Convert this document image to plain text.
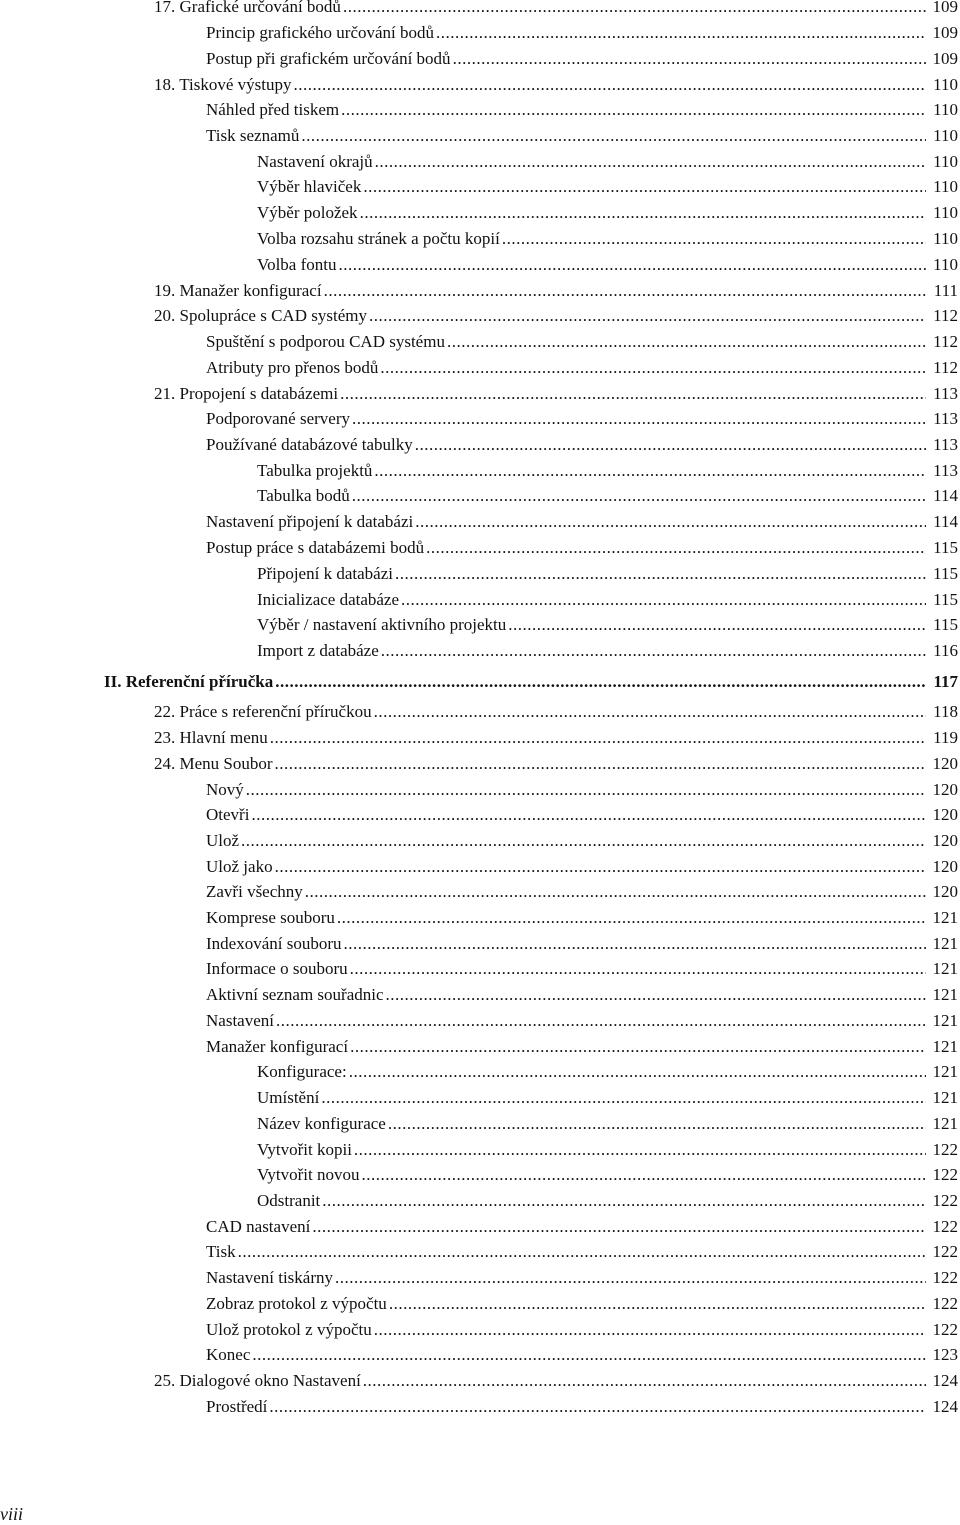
17. Grafické určování bodů .....	109
Princip grafického určování bodů .....	109
Postup při grafickém určování bodů .....	109
18. Tiskové výstupy .....	110
Náhled před tiskem .....	110
Tisk seznamů .....	110
Nastavení okrajů .....	110
Výběr hlaviček .....	110
Výběr položek .....	110
Volba rozsahu stránek a počtu kopií .....	110
Volba fontu .....	110
19. Manažer konfigurací .....	111
20. Spolupráce s CAD systémy .....	112
Spuštění s podporou CAD systému .....	112
Atributy pro přenos bodů .....	112
21. Propojení s databázemi .....	113
Podporované servery .....	113
Používané databázové tabulky .....	113
Tabulka projektů .....	113
Tabulka bodů .....	114
Nastavení připojení k databázi .....	114
Postup práce s databázemi bodů .....	115
Připojení k databázi .....	115
Inicializace databáze .....	115
Výběr / nastavení aktivního projektu .....	115
Import z databáze .....	116
II. Referenční příručka .....	117
22. Práce s referenční příručkou .....	118
23. Hlavní menu .....	119
24. Menu Soubor .....	120
Nový .....	120
Otevři .....	120
Ulož .....	120
Ulož jako .....	120
Zavři všechny .....	120
Komprese souboru .....	121
Indexování souboru .....	121
Informace o souboru .....	121
Aktivní seznam souřadnic .....	121
Nastavení .....	121
Manažer konfigurací .....	121
Konfigurace: .....	121
Umístění .....	121
Název konfigurace .....	121
Vytvořit kopii .....	122
Vytvořit novou .....	122
Odstranit .....	122
CAD nastavení .....	122
Tisk .....	122
Nastavení tiskárny .....	122
Zobraz protokol z výpočtu .....	122
Ulož protokol z výpočtu .....	122
Konec .....	123
25. Dialogové okno Nastavení .....	124
Prostředí .....	124
viii
